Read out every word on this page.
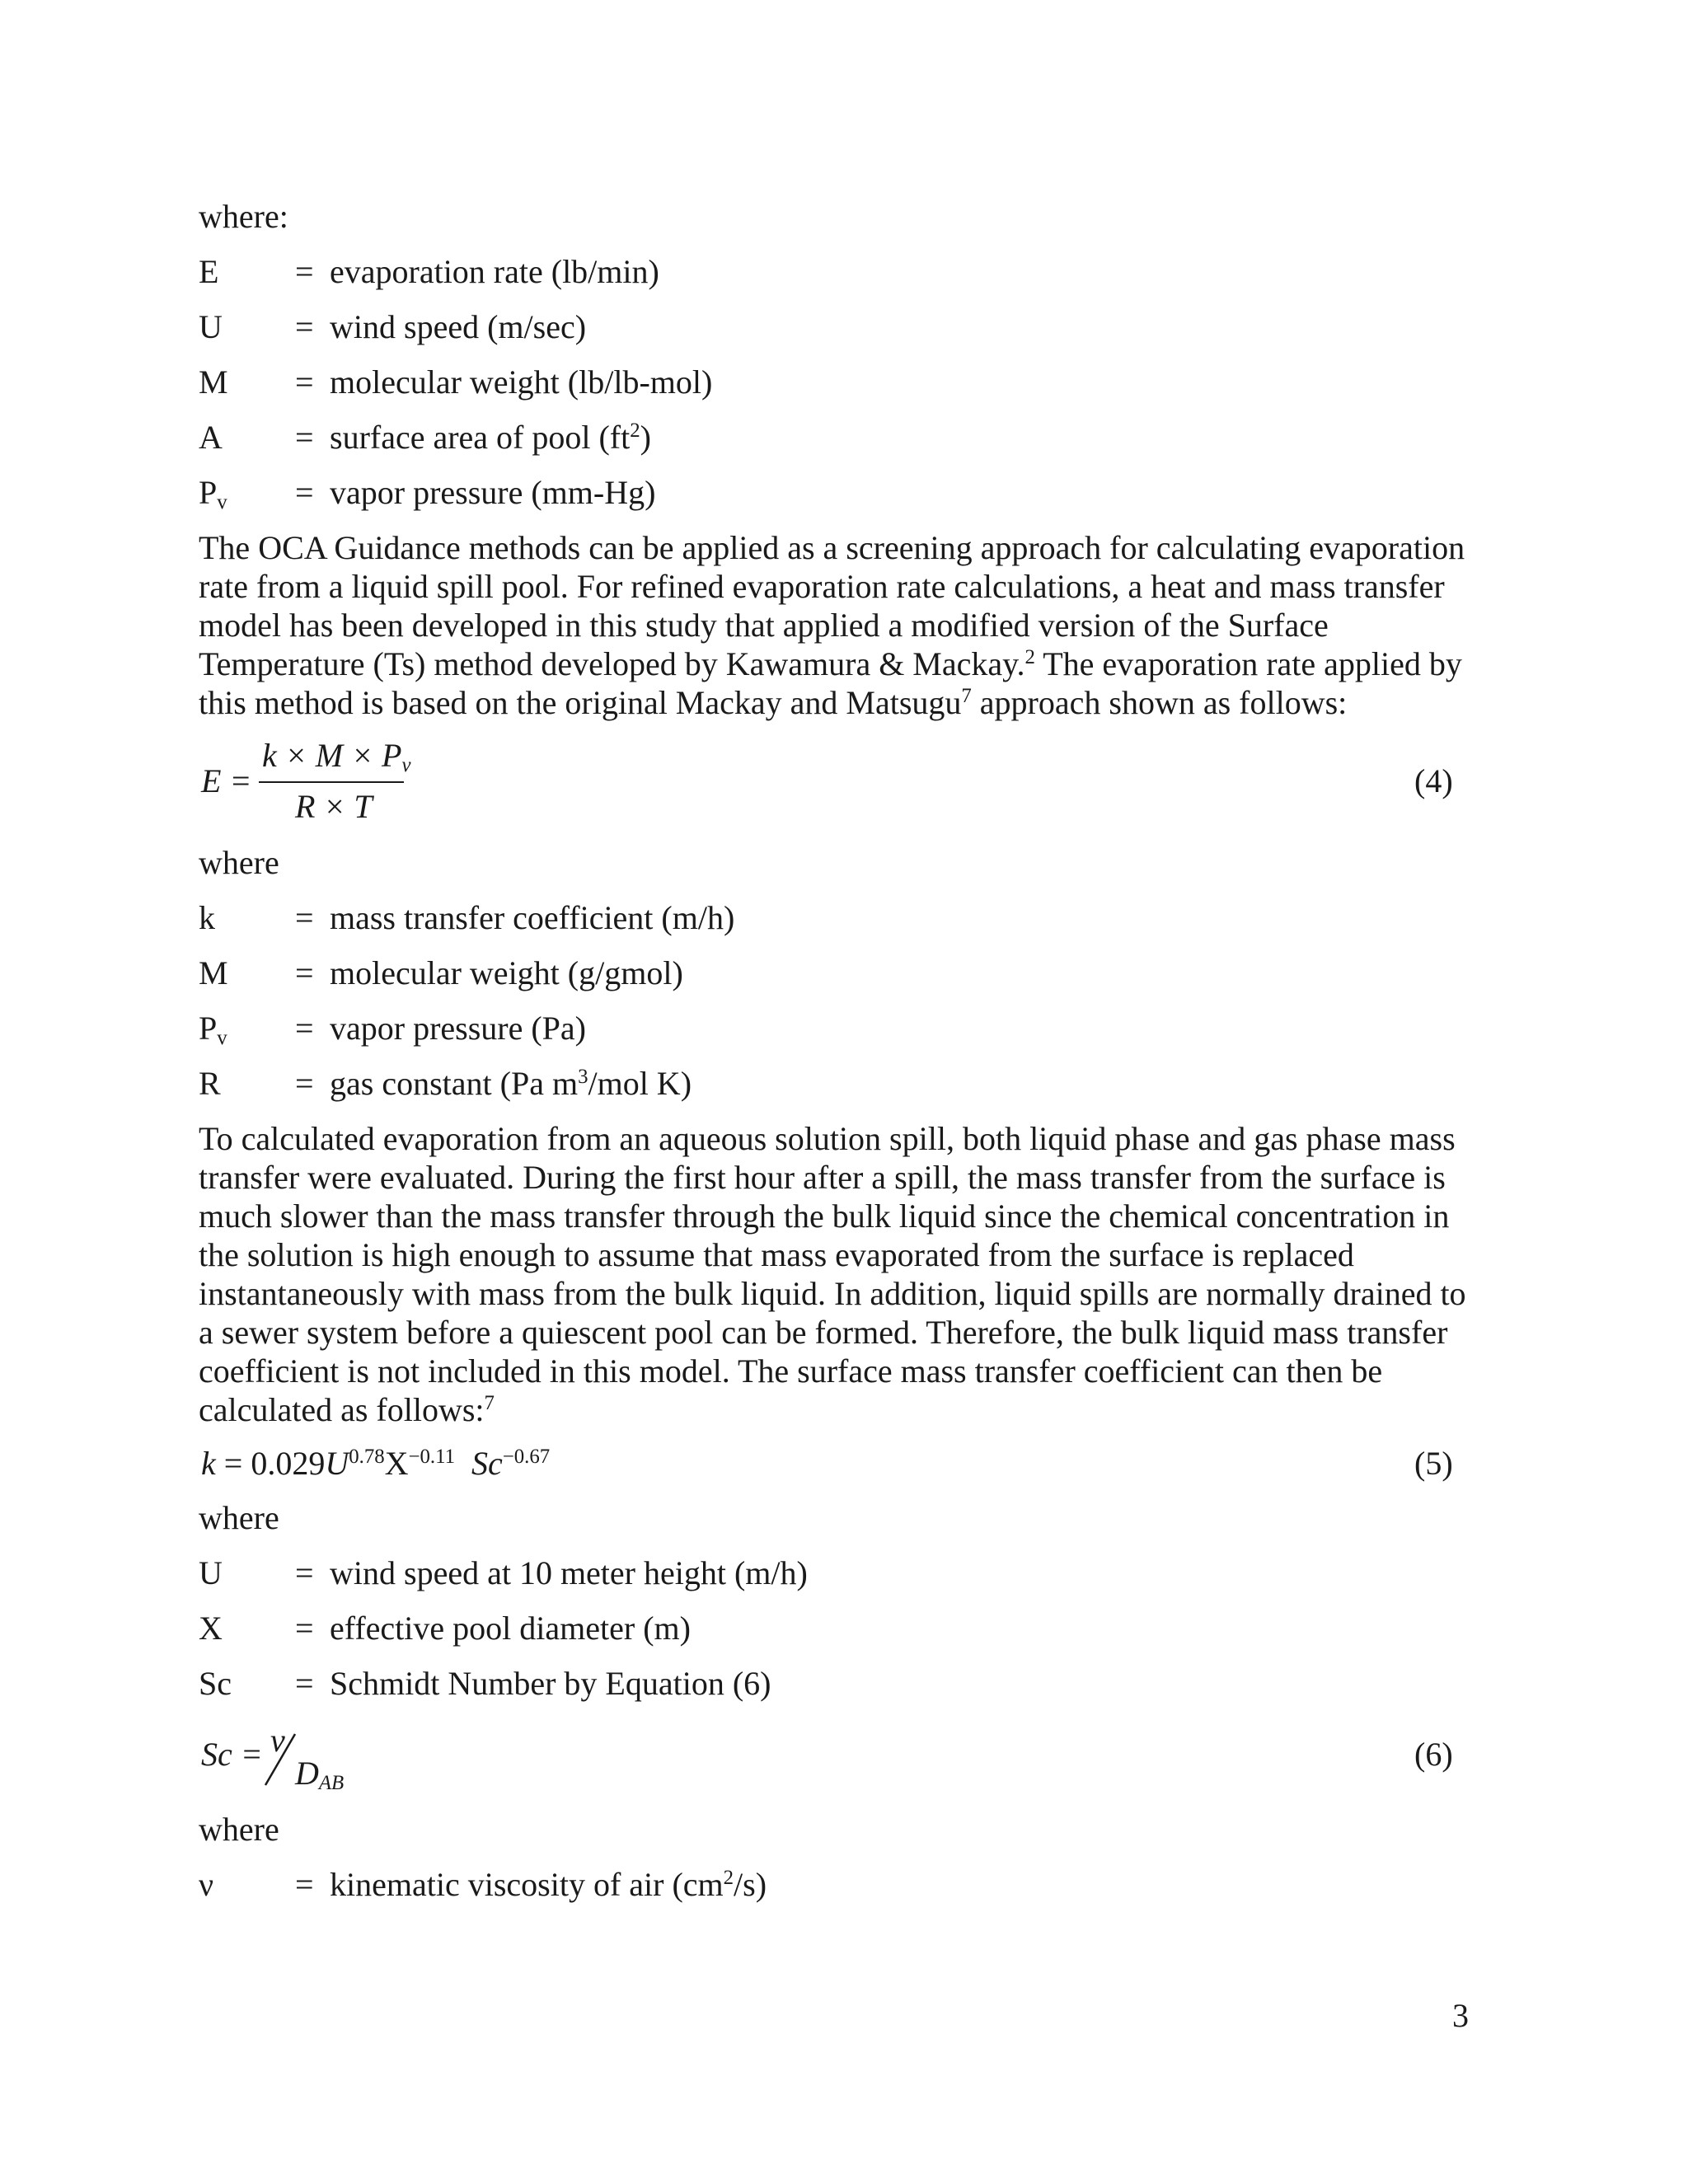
where:
E = evaporation rate (lb/min)
U = wind speed (m/sec)
M = molecular weight (lb/lb-mol)
A = surface area of pool $(ft^2)$
$P_v$ = vapor pressure (mm-Hg)
The OCA Guidance methods can be applied as a screening approach for calculating evaporation
rate from a liquid spill pool. For refined evaporation rate calculations, a heat and mass transfer
model has been developed in this study that applied a modified version of the Surface
Temperature (Ts) method developed by Kawamura & Mackay.$^2$ The evaporation rate applied by
this method is based on the original Mackay and Matsugu$^7$ approach shown as follows:
E =
$k \times M \times P_v$
R × T
(4)
where
k = mass transfer coefficient (m/h)
M = molecular weight (g/gmol)
$P_v$ = vapor pressure (Pa)
R = gas constant (Pa $m^3$/mol K)
To calculated evaporation from an aqueous solution spill, both liquid phase and gas phase mass
transfer were evaluated. During the first hour after a spill, the mass transfer from the surface is
much slower than the mass transfer through the bulk liquid since the chemical concentration in
the solution is high enough to assume that mass evaporated from the surface is replaced
instantaneously with mass from the bulk liquid. In addition, liquid spills are normally drained to
a sewer system before a quiescent pool can be formed. Therefore, the bulk liquid mass transfer
coefficient is not included in this model. The surface mass transfer coefficient can then be
calculated as follows:$^7$
$k = 0.029U^{0.78}X^{-0.11}$ $Sc^{-0.67}$	(5)
where
U = wind speed at 10 meter height (m/h)
X = effective pool diameter (m)
Sc = Schmidt Number by Equation (6)
Sc = ν
$D_{AB}$
(6)
where
ν = kinematic viscosity of air $(cm^2/s)$
3
